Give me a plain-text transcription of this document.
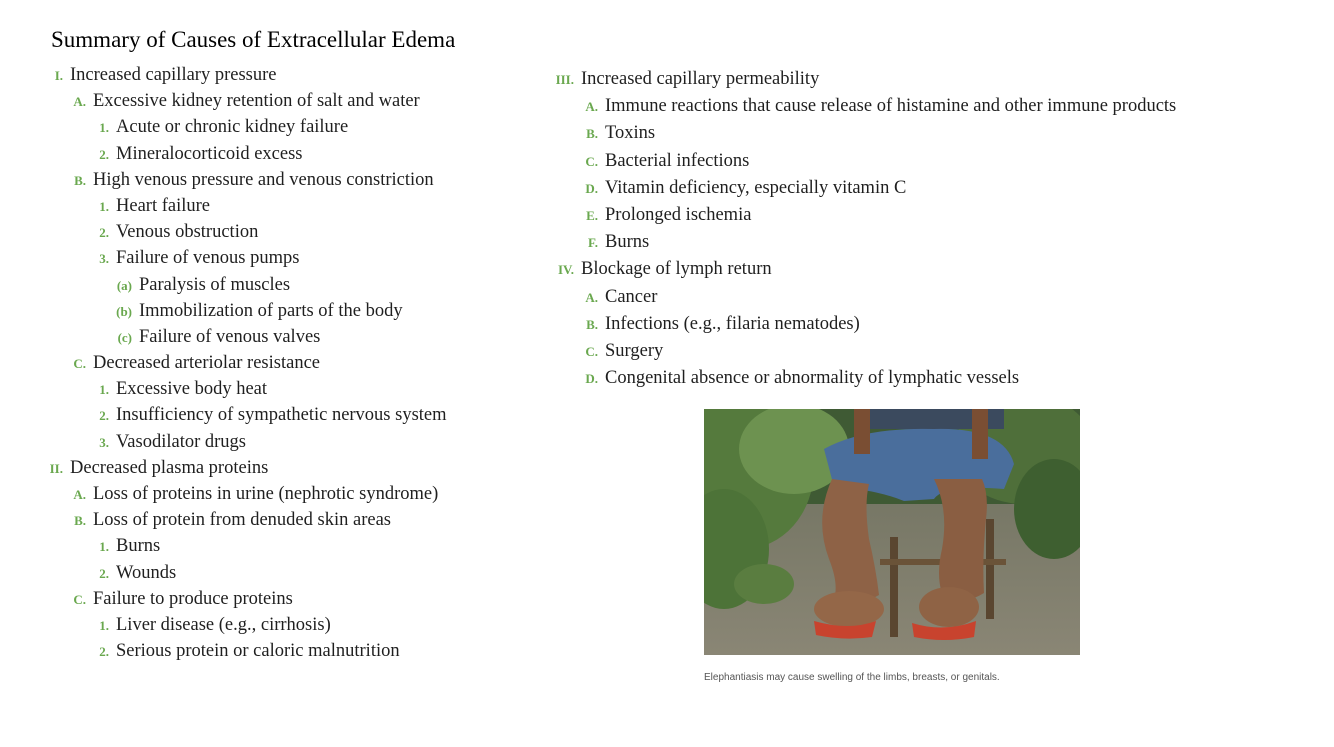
Summary of Causes of Extracellular Edema
I. Increased capillary pressure
A. Excessive kidney retention of salt and water
1. Acute or chronic kidney failure
2. Mineralocorticoid excess
B. High venous pressure and venous constriction
1. Heart failure
2. Venous obstruction
3. Failure of venous pumps
(a) Paralysis of muscles
(b) Immobilization of parts of the body
(c) Failure of venous valves
C. Decreased arteriolar resistance
1. Excessive body heat
2. Insufficiency of sympathetic nervous system
3. Vasodilator drugs
II. Decreased plasma proteins
A. Loss of proteins in urine (nephrotic syndrome)
B. Loss of protein from denuded skin areas
1. Burns
2. Wounds
C. Failure to produce proteins
1. Liver disease (e.g., cirrhosis)
2. Serious protein or caloric malnutrition
III. Increased capillary permeability
A. Immune reactions that cause release of histamine and other immune products
B. Toxins
C. Bacterial infections
D. Vitamin deficiency, especially vitamin C
E. Prolonged ischemia
F. Burns
IV. Blockage of lymph return
A. Cancer
B. Infections (e.g., filaria nematodes)
C. Surgery
D. Congenital absence or abnormality of lymphatic vessels
Elephantiasis may cause swelling of the limbs, breasts, or genitals.
